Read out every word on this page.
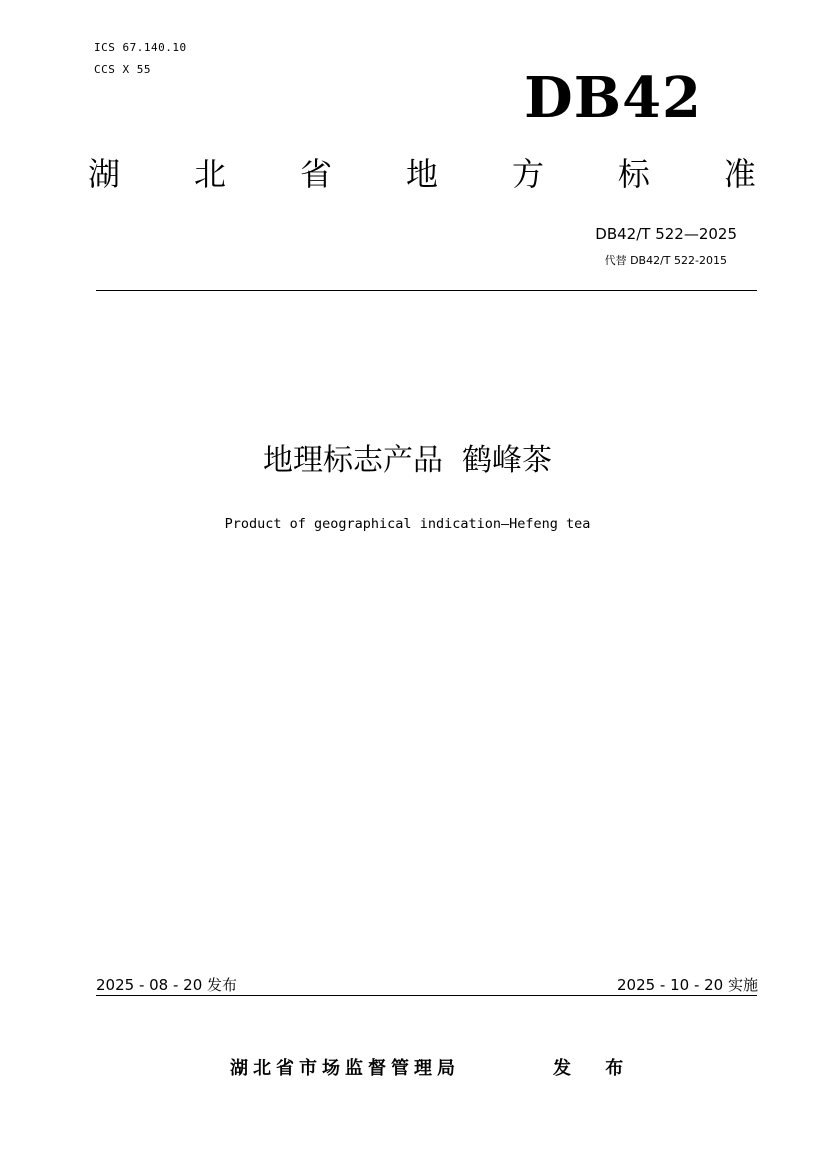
ICS 67.140.10
CCS X 55	DB42
湖 北 省 地 方 标 准
DB42/T 522—2025
代替 DB42/T 522-2015
地理标志产品  鹤峰茶
Product of geographical indication—Hefeng tea
2025 - 08 - 20 发布	2025 - 10 - 20 实施
湖北省市场监督管理局	发 布
